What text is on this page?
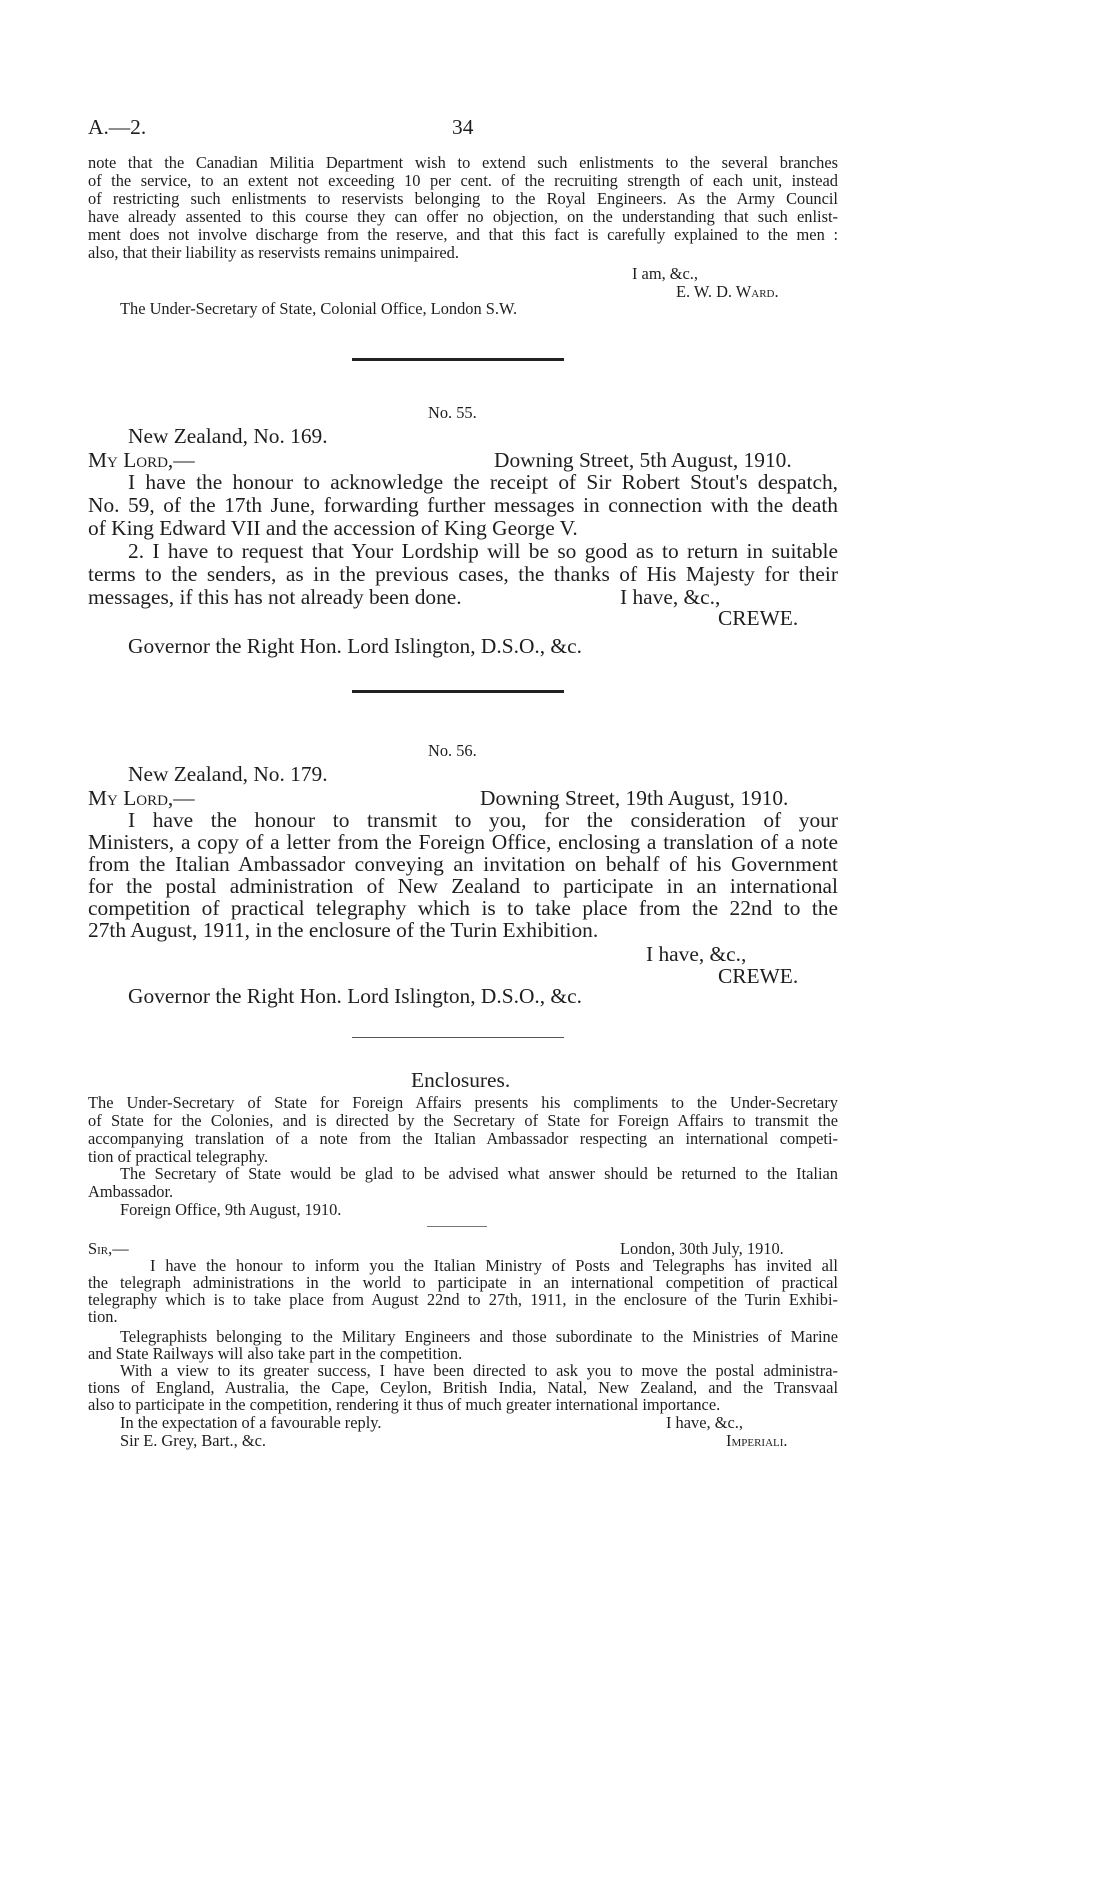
A.—2.	34
note that the Canadian Militia Department wish to extend such enlistments to the several branches
of the service, to an extent not exceeding 10 per cent. of the recruiting strength of each unit, instead
of restricting such enlistments to reservists belonging to the Royal Engineers. As the Army Council
have already assented to this course they can offer no objection, on the understanding that such enlist-
ment does not involve discharge from the reserve, and that this fact is carefully explained to the men :
also, that their liability as reservists remains unimpaired.
I am, &c.,
E. W. D. Ward.
The Under-Secretary of State, Colonial Office, London S.W.
No. 55.
New Zealand, No. 169.
My Lord,—	Downing Street, 5th August, 1910.
I have the honour to acknowledge the receipt of Sir Robert Stout's despatch,
No. 59, of the 17th June, forwarding further messages in connection with the death
of King Edward VII and the accession of King George V.
2. I have to request that Your Lordship will be so good as to return in suitable
terms to the senders, as in the previous cases, the thanks of His Majesty for their
messages, if this has not already been done.	I have, &c.,
CREWE.
Governor the Right Hon. Lord Islington, D.S.O., &c.
No. 56.
New Zealand, No. 179.
My Lord,—	Downing Street, 19th August, 1910.
I have the honour to transmit to you, for the consideration of your
Ministers, a copy of a letter from the Foreign Office, enclosing a translation of a note
from the Italian Ambassador conveying an invitation on behalf of his Government
for the postal administration of New Zealand to participate in an international
competition of practical telegraphy which is to take place from the 22nd to the
27th August, 1911, in the enclosure of the Turin Exhibition.
I have, &c.,
CREWE.
Governor the Right Hon. Lord Islington, D.S.O., &c.
Enclosures.
The Under-Secretary of State for Foreign Affairs presents his compliments to the Under-Secretary
of State for the Colonies, and is directed by the Secretary of State for Foreign Affairs to transmit the
accompanying translation of a note from the Italian Ambassador respecting an international competi-
tion of practical telegraphy.
The Secretary of State would be glad to be advised what answer should be returned to the Italian
Ambassador.
Foreign Office, 9th August, 1910.
Sir,—	London, 30th July, 1910.
I have the honour to inform you the Italian Ministry of Posts and Telegraphs has invited all
the telegraph administrations in the world to participate in an international competition of practical
telegraphy which is to take place from August 22nd to 27th, 1911, in the enclosure of the Turin Exhibi-
tion.
Telegraphists belonging to the Military Engineers and those subordinate to the Ministries of Marine
and State Railways will also take part in the competition.
With a view to its greater success, I have been directed to ask you to move the postal administra-
tions of England, Australia, the Cape, Ceylon, British India, Natal, New Zealand, and the Transvaal
also to participate in the competition, rendering it thus of much greater international importance.
In the expectation of a favourable reply.	I have, &c.,
Sir E. Grey, Bart., &c.	Imperiali.
